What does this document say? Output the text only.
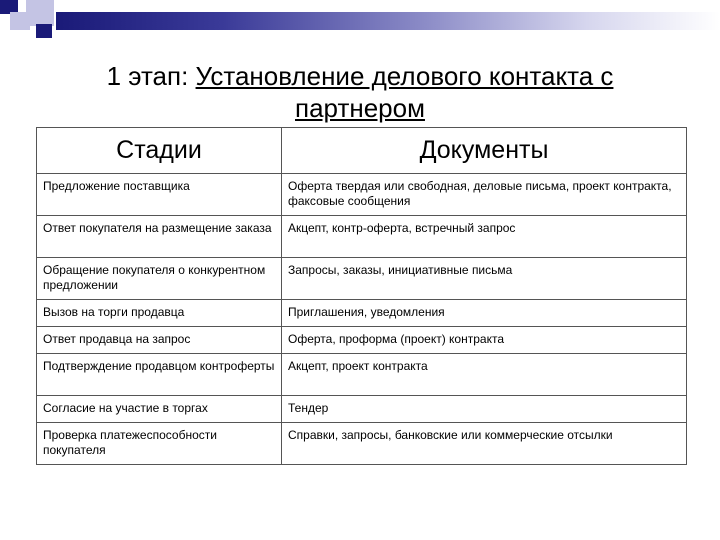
1 этап: Установление делового контакта с партнером
Стадии	Документы
Предложение поставщика	Оферта твердая или свободная, деловые письма, проект контракта, факсовые сообщения
Ответ покупателя на размещение заказа	Акцепт, контр-оферта, встречный запрос
Обращение покупателя о конкурентном предложении	Запросы, заказы, инициативные письма
Вызов на торги продавца	Приглашения, уведомления
Ответ продавца на запрос	Оферта, проформа (проект) контракта
Подтверждение продавцом контроферты	Акцепт, проект контракта
Согласие на участие в торгах	Тендер
Проверка платежеспособности покупателя	Справки, запросы, банковские или коммерческие отсылки
